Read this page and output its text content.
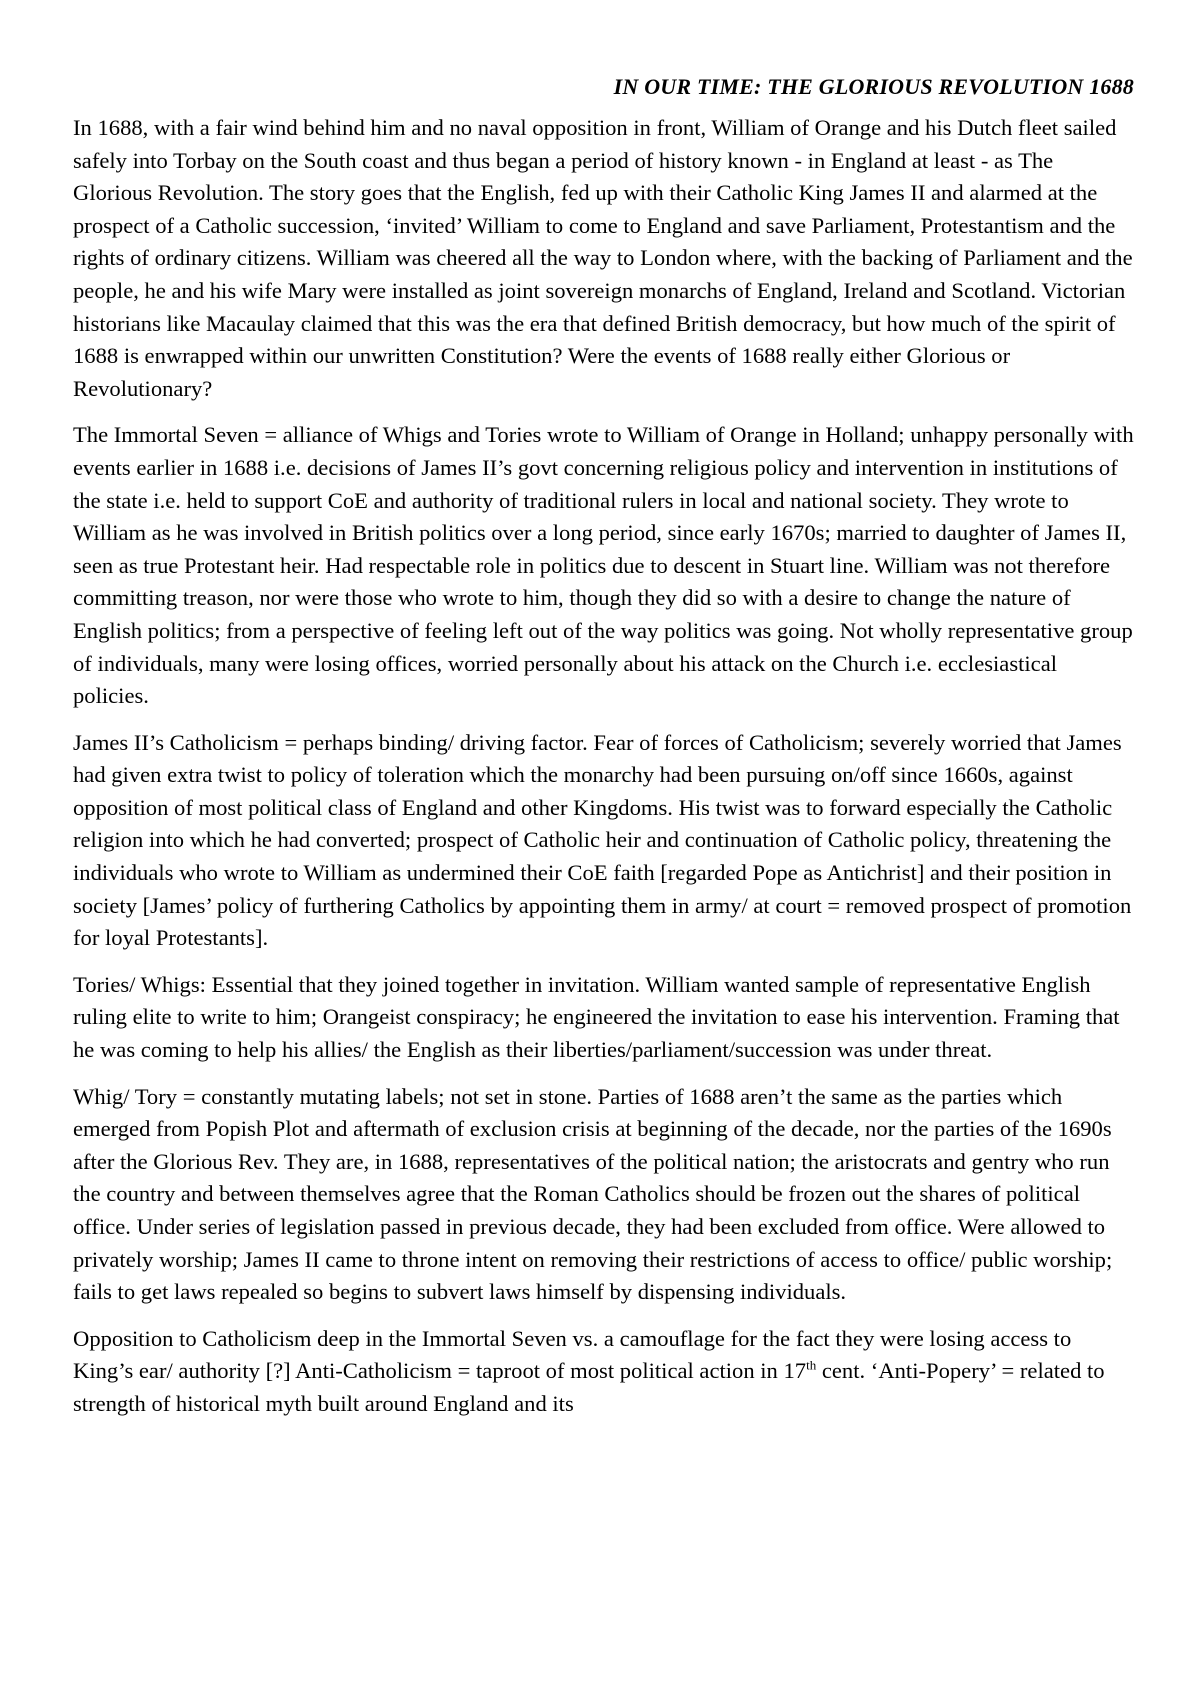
IN OUR TIME: THE GLORIOUS REVOLUTION 1688

In 1688, with a fair wind behind him and no naval opposition in front, William of Orange and his Dutch fleet sailed safely into Torbay on the South coast and thus began a period of history known - in England at least - as The Glorious Revolution. The story goes that the English, fed up with their Catholic King James II and alarmed at the prospect of a Catholic succession, ‘invited’ William to come to England and save Parliament, Protestantism and the rights of ordinary citizens. William was cheered all the way to London where, with the backing of Parliament and the people, he and his wife Mary were installed as joint sovereign monarchs of England, Ireland and Scotland. Victorian historians like Macaulay claimed that this was the era that defined British democracy, but how much of the spirit of 1688 is enwrapped within our unwritten Constitution? Were the events of 1688 really either Glorious or Revolutionary?

The Immortal Seven = alliance of Whigs and Tories wrote to William of Orange in Holland; unhappy personally with events earlier in 1688 i.e. decisions of James II’s govt concerning religious policy and intervention in institutions of the state i.e. held to support CoE and authority of traditional rulers in local and national society. They wrote to William as he was involved in British politics over a long period, since early 1670s; married to daughter of James II, seen as true Protestant heir. Had respectable role in politics due to descent in Stuart line. William was not therefore committing treason, nor were those who wrote to him, though they did so with a desire to change the nature of English politics; from a perspective of feeling left out of the way politics was going. Not wholly representative group of individuals, many were losing offices, worried personally about his attack on the Church i.e. ecclesiastical policies.

James II’s Catholicism = perhaps binding/ driving factor. Fear of forces of Catholicism; severely worried that James had given extra twist to policy of toleration which the monarchy had been pursuing on/off since 1660s, against opposition of most political class of England and other Kingdoms. His twist was to forward especially the Catholic religion into which he had converted; prospect of Catholic heir and continuation of Catholic policy, threatening the individuals who wrote to William as undermined their CoE faith [regarded Pope as Antichrist] and their position in society [James’ policy of furthering Catholics by appointing them in army/ at court = removed prospect of promotion for loyal Protestants].

Tories/ Whigs: Essential that they joined together in invitation. William wanted sample of representative English ruling elite to write to him; Orangeist conspiracy; he engineered the invitation to ease his intervention. Framing that he was coming to help his allies/ the English as their liberties/parliament/succession was under threat.

Whig/ Tory = constantly mutating labels; not set in stone. Parties of 1688 aren’t the same as the parties which emerged from Popish Plot and aftermath of exclusion crisis at beginning of the decade, nor the parties of the 1690s after the Glorious Rev. They are, in 1688, representatives of the political nation; the aristocrats and gentry who run the country and between themselves agree that the Roman Catholics should be frozen out the shares of political office. Under series of legislation passed in previous decade, they had been excluded from office. Were allowed to privately worship; James II came to throne intent on removing their restrictions of access to office/ public worship; fails to get laws repealed so begins to subvert laws himself by dispensing individuals.

Opposition to Catholicism deep in the Immortal Seven vs. a camouflage for the fact they were losing access to King’s ear/ authority [?] Anti-Catholicism = taproot of most political action in 17th cent. ‘Anti-Popery’ = related to strength of historical myth built around England and its
